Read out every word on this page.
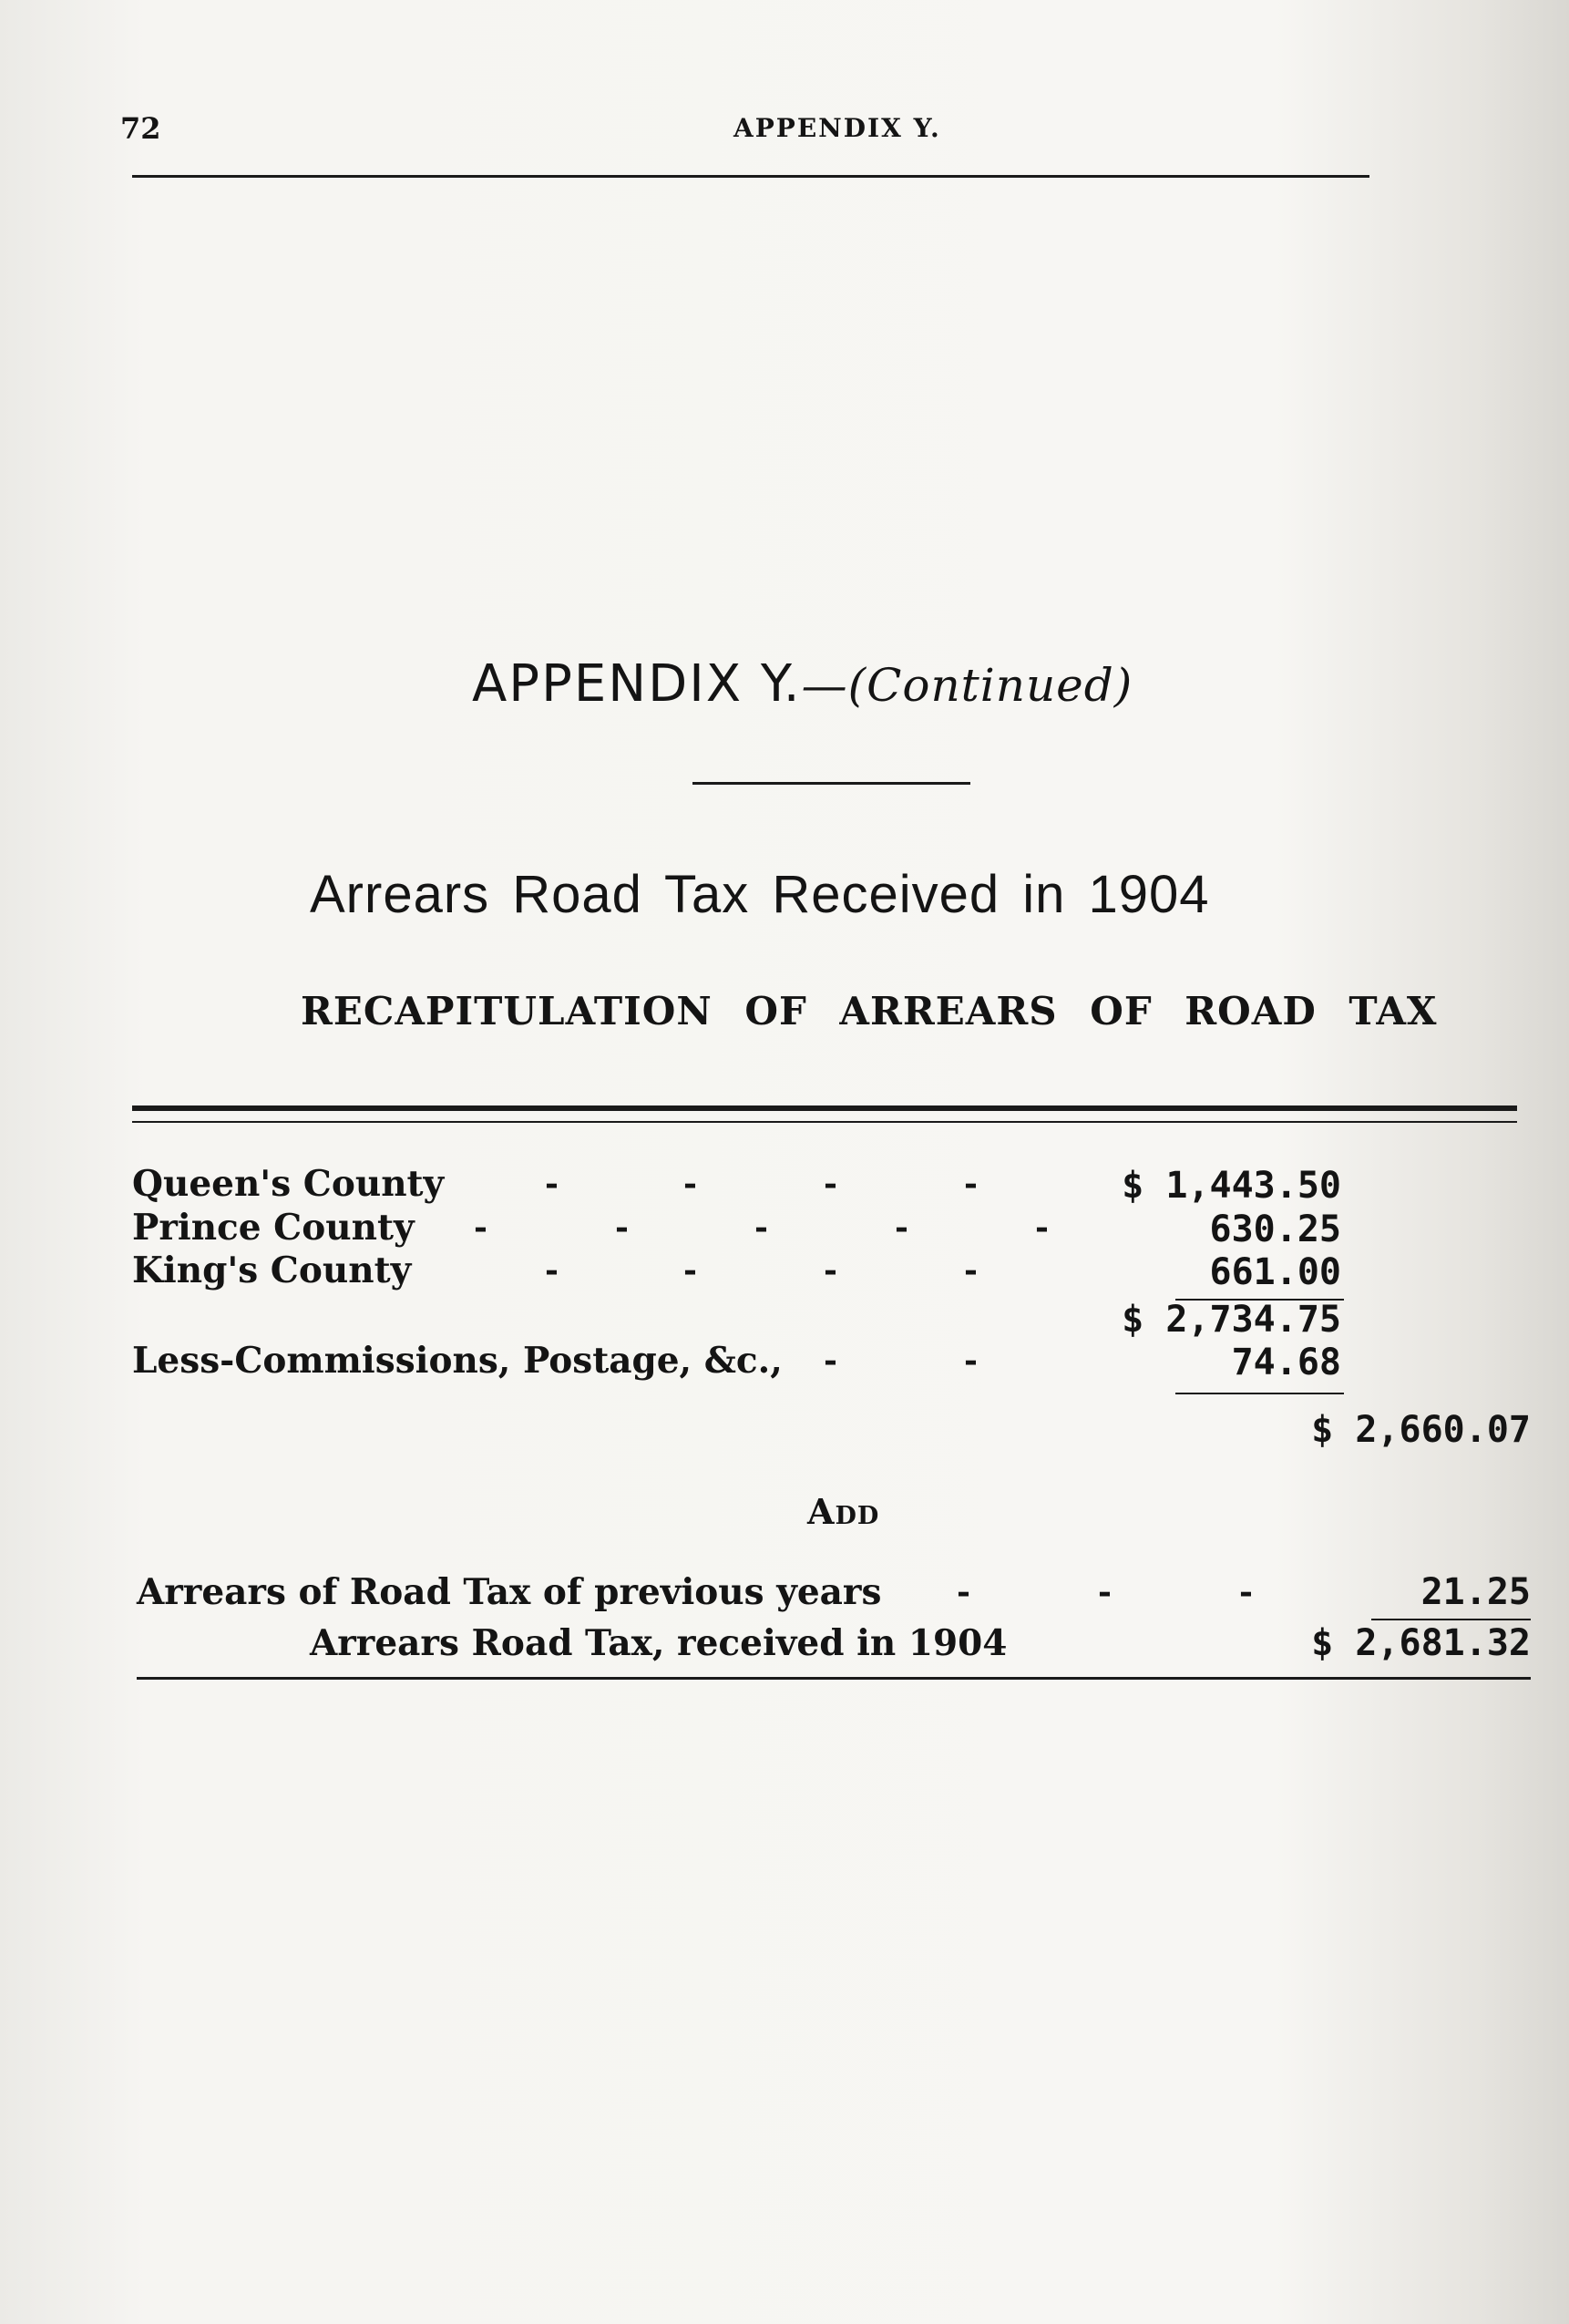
72	APPENDIX Y.
APPENDIX Y.—(Continued)
Arrears Road Tax Received in 1904
RECAPITULATION OF ARREARS OF ROAD TAX
Queen's County	-	-	-	-	$ 1,443.50
Prince County -	-	-	-	-	630.25
King's County	-	-	-	-	661.00
$ 2,734.75
Less-Commissions, Postage, &c., -	-	74.68
$ 2,660.07
Add
Arrears of Road Tax of previous years -	-	-	21.25
Arrears Road Tax, received in 1904	$ 2,681.32
